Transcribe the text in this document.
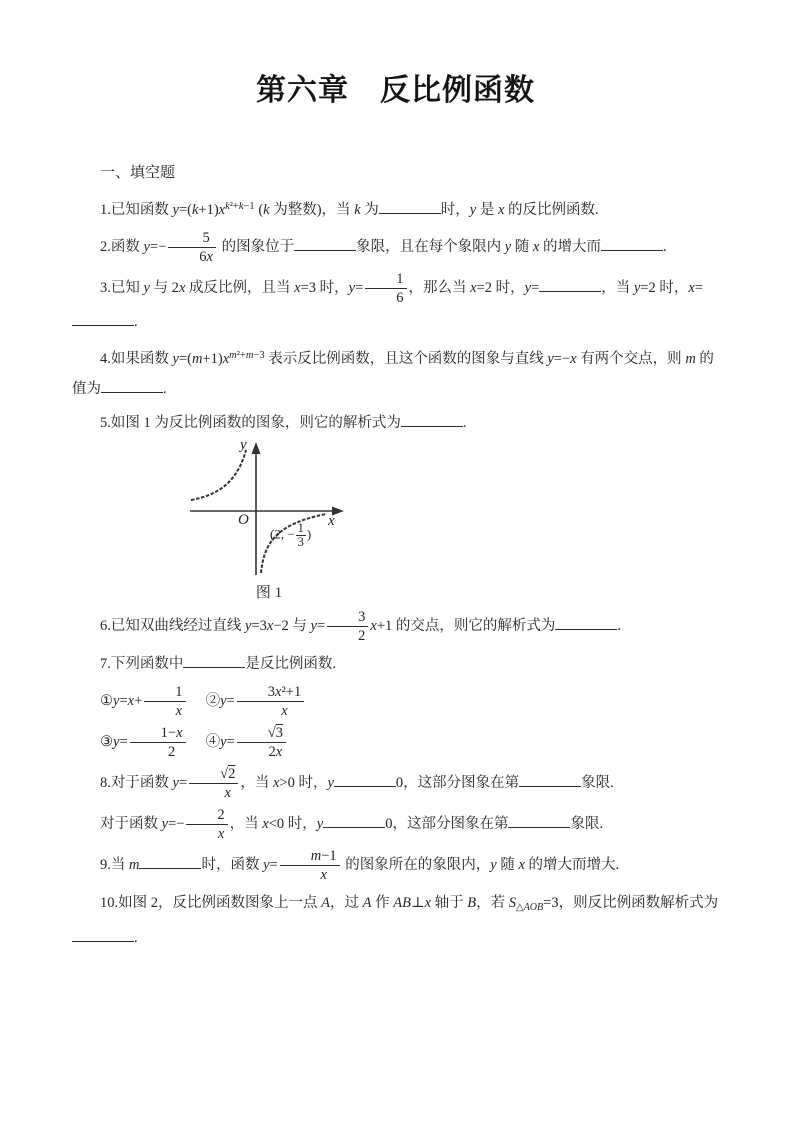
第六章　反比例函数
一、填空题

1.已知函数 $y=(k+1)x^{k^2+k-1}$ (k 为整数)，当 k 为	时，y 是 x 的反比例函数.

2.函数 $y=- \frac{5}{6x}$ 的图象位于	象限，且在每个象限内 y 随 x 的增大而	.

3.已知 y 与 2x 成反比例，且当 x=3 时，$y= \frac{1}{6}$ ，那么当 x=2 时，y=	，当 y=2 时，x=.

4.如果函数 $y=(m+1)x^{m^2+m-3}$ 表示反比例函数，且这个函数的图象与直线 y=−x 有两个交点，则 m 的值为	.

5.如图 1 为反比例函数的图象，则它的解析式为	.

y
x
O
(2, − $\frac{1}{3}$ )

图 1

6.已知双曲线经过直线 y=3x−2 与 $y= \frac{3}{2} x+1$ 的交点，则它的解析式为	.

7.下列函数中	是反比例函数.

①y=x+ $\frac{1}{x}$ 　 ②y= $\frac{\text{3x²+1}}{x}$

③y= $\frac{1-x}{2}$ 　 ④y= $\frac{√3}{2x}$

8.对于函数 $y= \frac{√2}{x}$ ，当 x>0 时，y	0，这部分图象在第	象限.

对于函数 $y=- \frac{2}{x}$ ，当 x<0 时，y	0，这部分图象在第	象限.

9.当 m	时，函数 $y= \frac{m-1}{x}$ 的图象所在的象限内，y 随 x 的增大而增大.

10.如图 2，反比例函数图象上一点 A，过 A 作 AB⊥x 轴于 B，若 $S_{\triangle AOB}=3$，则反比例函数解析式为.
